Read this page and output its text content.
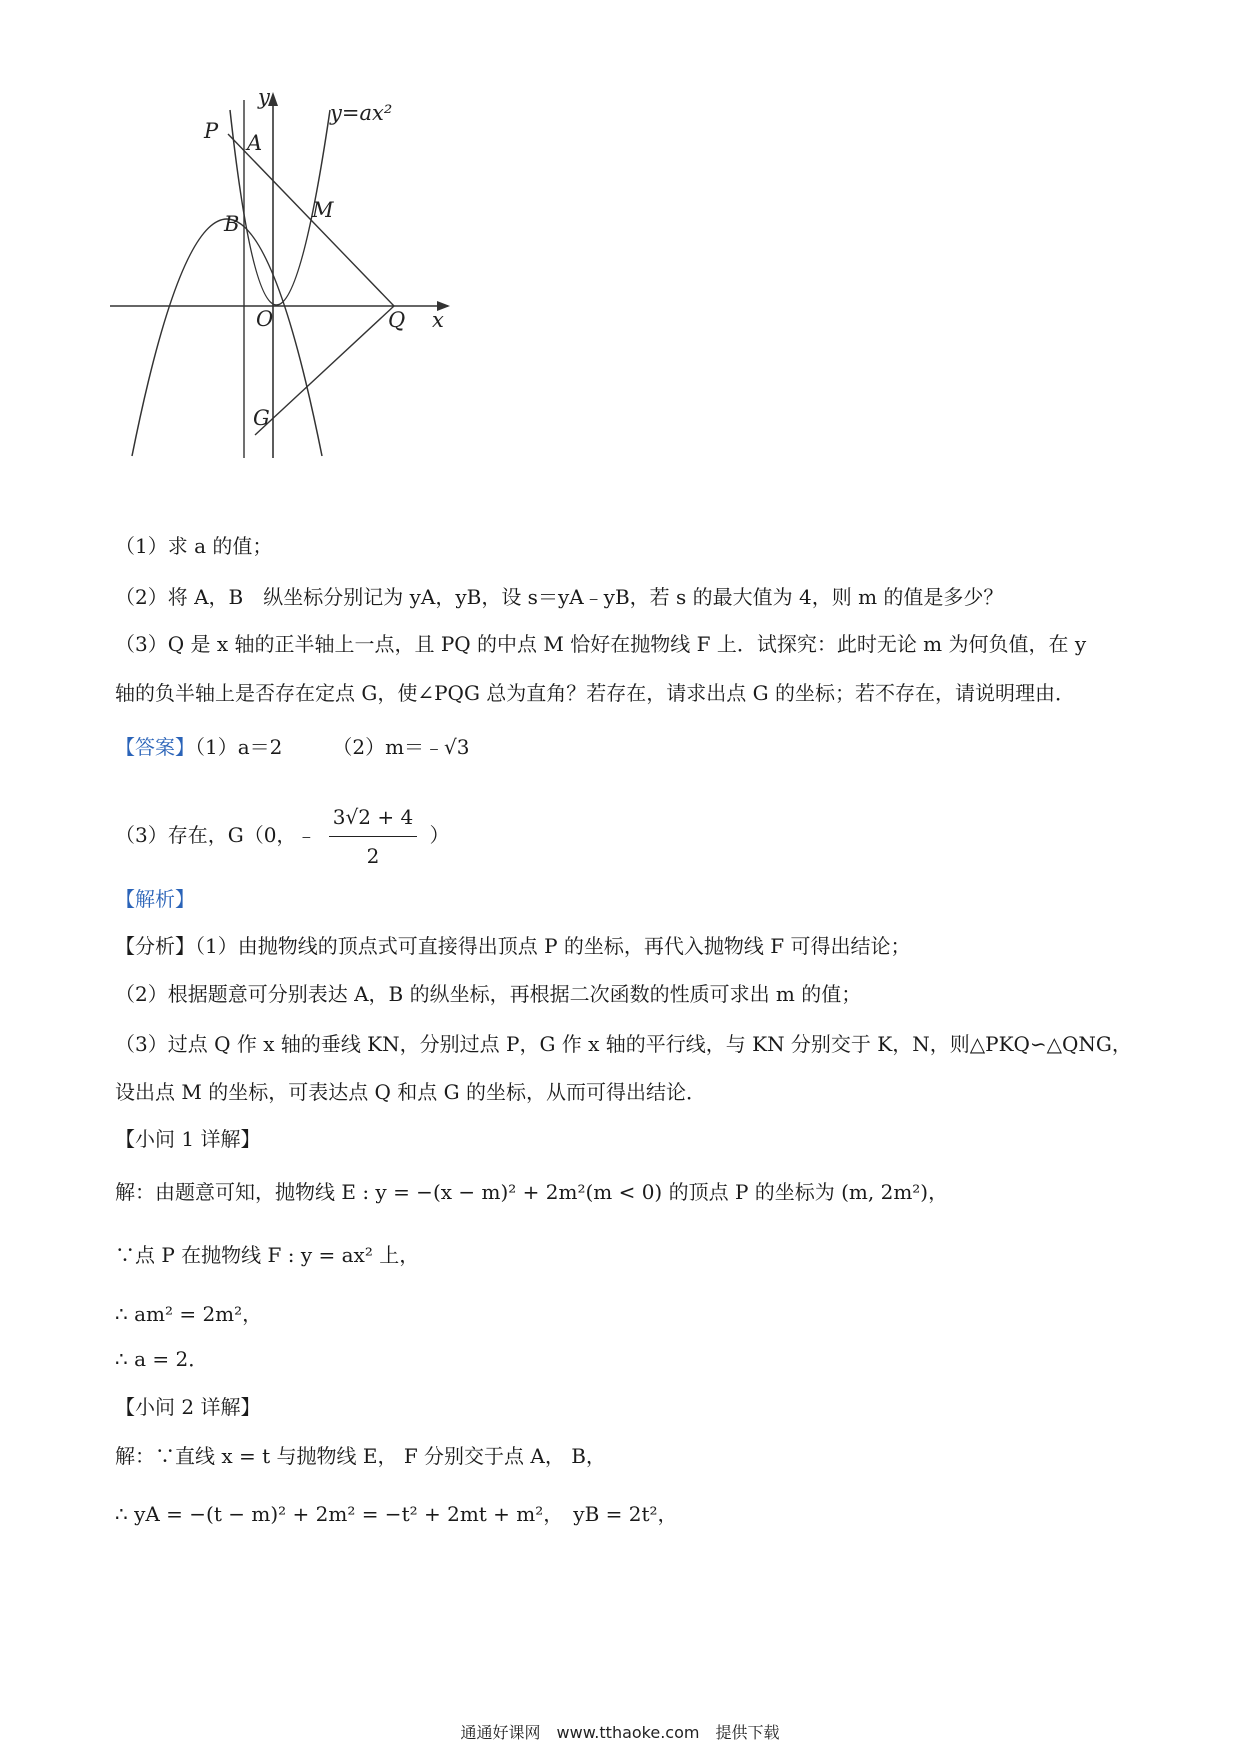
y
y=ax²
P A
B
M
O	Q x
G
（1）求 a 的值；
（2）将 A，B　纵坐标分别记为 yA，yB，设 s＝yA﹣yB，若 s 的最大值为 4，则 m 的值是多少？
（3）Q 是 x 轴的正半轴上一点，且 PQ 的中点 M 恰好在抛物线 F 上．试探究：此时无论 m 为何负值，在 y
轴的负半轴上是否存在定点 G，使∠PQG 总为直角？若存在，请求出点 G 的坐标；若不存在，请说明理由．
【答案】（1）a＝2　　　（2）m＝﹣√3
（3）存在，G（0，﹣ $\frac{3√2 + 4}{2}$ ）
【解析】
【分析】（1）由抛物线的顶点式可直接得出顶点 P 的坐标，再代入抛物线 F 可得出结论；
（2）根据题意可分别表达 A，B 的纵坐标，再根据二次函数的性质可求出 m 的值；
（3）过点 Q 作 x 轴的垂线 KN，分别过点 P，G 作 x 轴的平行线，与 KN 分别交于 K，N，则△PKQ∽△QNG，
设出点 M 的坐标，可表达点 Q 和点 G 的坐标，从而可得出结论．
【小问 1 详解】
解：由题意可知，抛物线 E : y = −(x − m)² + 2m²(m < 0) 的顶点 P 的坐标为 (m, 2m²)，
∵点 P 在抛物线 F : y = ax² 上，
∴ am² = 2m²，
∴ a = 2．
【小问 2 详解】
解：∵直线 x = t 与抛物线 E， F 分别交于点 A， B，
∴ yA = −(t − m)² + 2m² = −t² + 2mt + m²，　yB = 2t²，
通通好课网　www.tthaoke.com　提供下载
